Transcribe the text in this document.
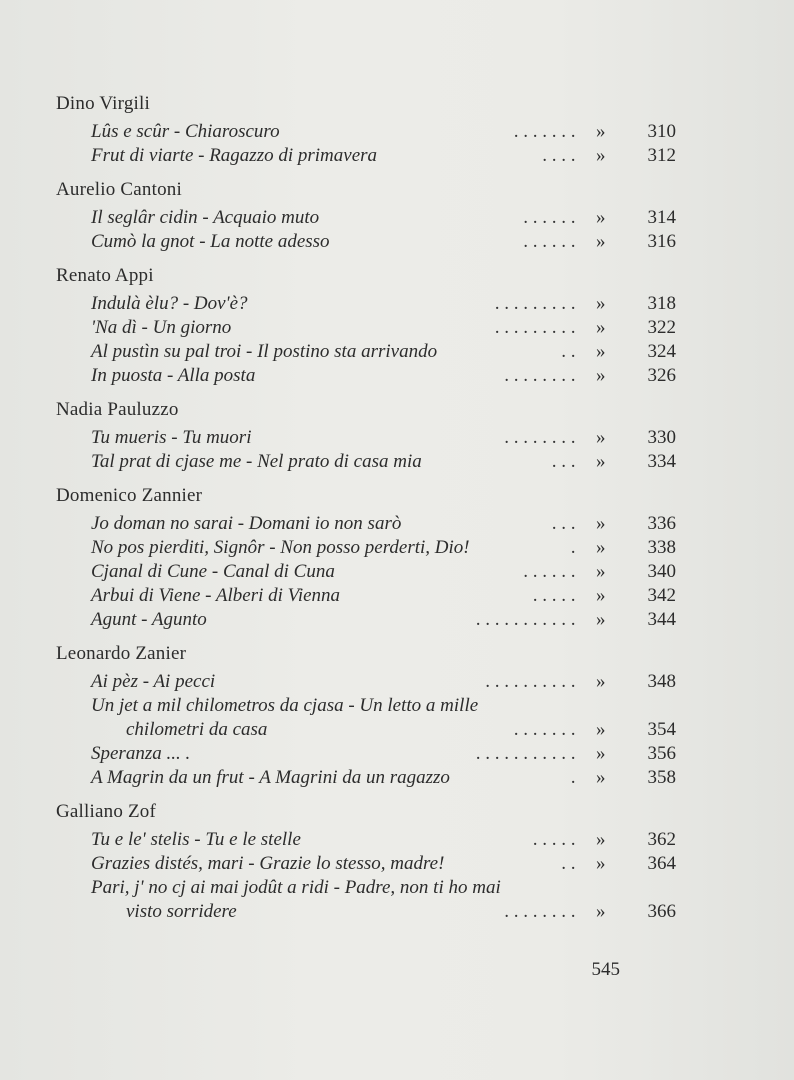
Dino Virgili
Lûs e scûr - Chiaroscuro	. . . . . . . » 310
Frut di viarte - Ragazzo di primavera	. . . . » 312
Aurelio Cantoni
Il seglâr cidin - Acquaio muto	. . . . . . » 314
Cumò la gnot - La notte adesso	. . . . . . » 316
Renato Appi
Indulà èlu? - Dov'è?	. . . . . . . . . » 318
'Na dì - Un giorno	. . . . . . . . . » 322
Al pustìn su pal troi - Il postino sta arrivando	. . » 324
In puosta - Alla posta	. . . . . . . . » 326
Nadia Pauluzzo
Tu mueris - Tu muori	. . . . . . . . » 330
Tal prat di cjase me - Nel prato di casa mia	. . . » 334
Domenico Zannier
Jo doman no sarai - Domani io non sarò	. . . » 336
No pos pierditi, Signôr - Non posso perderti, Dio!	. » 338
Cjanal di Cune - Canal di Cuna	. . . . . . » 340
Arbui di Viene - Alberi di Vienna	. . . . . » 342
Agunt - Agunto	. . . . . . . . . . . » 344
Leonardo Zanier
Ai pèz - Ai pecci	. . . . . . . . . . » 348
Un jet a mil chilometros da cjasa - Un letto a mille
chilometri da casa	. . . . . . . » 354
Speranza ... .	. . . . . . . . . . . » 356
A Magrin da un frut - A Magrini da un ragazzo	. » 358
Galliano Zof
Tu e le' stelis - Tu e le stelle	. . . . . » 362
Grazies distés, mari - Grazie lo stesso, madre!	. . » 364
Pari, j' no cj ai mai jodût a ridi - Padre, non ti ho mai
visto sorridere	. . . . . . . . » 366
545
